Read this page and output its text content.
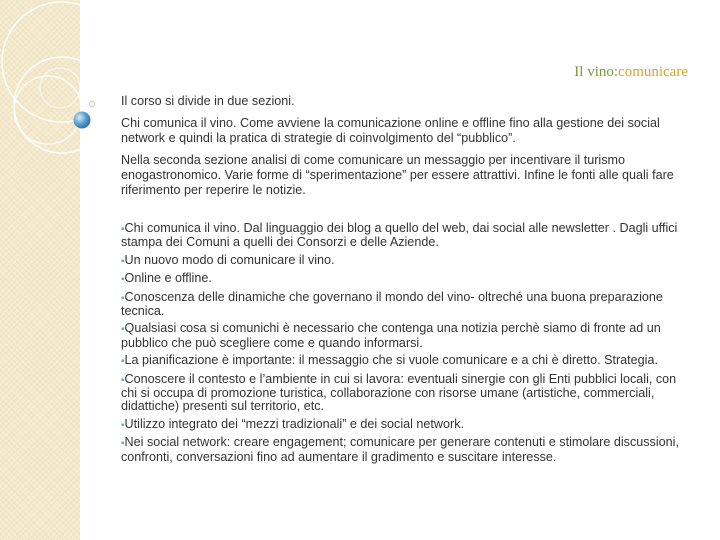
Il vino:comunicare

Il corso si divide in due sezioni.

Chi comunica il vino. Come avviene la comunicazione online e offline fino alla gestione dei social network e quindi la pratica di strategie di coinvolgimento del “pubblico”.

Nella seconda sezione analisi di come comunicare un messaggio per incentivare il turismo enogastronomico. Varie forme di “sperimentazione” per essere attrattivi. Infine le fonti alle quali fare riferimento per reperire le notizie.

▪Chi comunica il vino. Dal linguaggio dei blog a quello del web, dai social alle newsletter . Dagli uffici stampa dei Comuni a quelli dei Consorzi e delle Aziende.
▪Un nuovo modo di comunicare il vino.
▪Online e offline.
▪Conoscenza delle dinamiche che governano il mondo del vino- oltreché una buona preparazione tecnica.
▪Qualsiasi cosa si comunichi è necessario che contenga una notizia perchè siamo di fronte ad un pubblico che può scegliere come e quando informarsi.
▪La pianificazione è importante: il messaggio che si vuole comunicare e a chi è diretto. Strategia.
▪Conoscere il contesto e l’ambiente in cui si lavora: eventuali sinergie con gli Enti pubblici locali, con chi si occupa di promozione turistica, collaborazione con risorse umane (artistiche, commerciali, didattiche) presenti sul territorio, etc.
▪Utilizzo integrato dei “mezzi tradizionali” e dei social network.
▪Nei social network: creare engagement; comunicare per generare contenuti e stimolare discussioni, confronti, conversazioni fino ad aumentare il gradimento e suscitare interesse.
